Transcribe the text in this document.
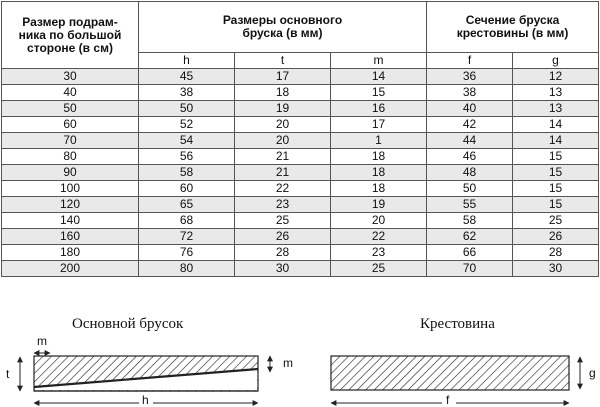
Размер подрам-ника по большой стороне (в см)	Размеры основного бруска (в мм)			Сечение бруска крестовины (в мм)	
	h	t	m	f	g
30	45	17	14	36	12
40	38	18	15	38	13
50	50	19	16	40	13
60	52	20	17	42	14
70	54	20	1	44	14
80	56	21	18	46	15
90	58	21	18	48	15
100	60	22	18	50	15
120	65	23	19	55	15
140	68	25	20	58	25
160	72	26	22	62	26
180	76	28	23	66	28
200	80	30	25	70	30
Основной брусок	Крестовина
m
t
m
h
g
f
